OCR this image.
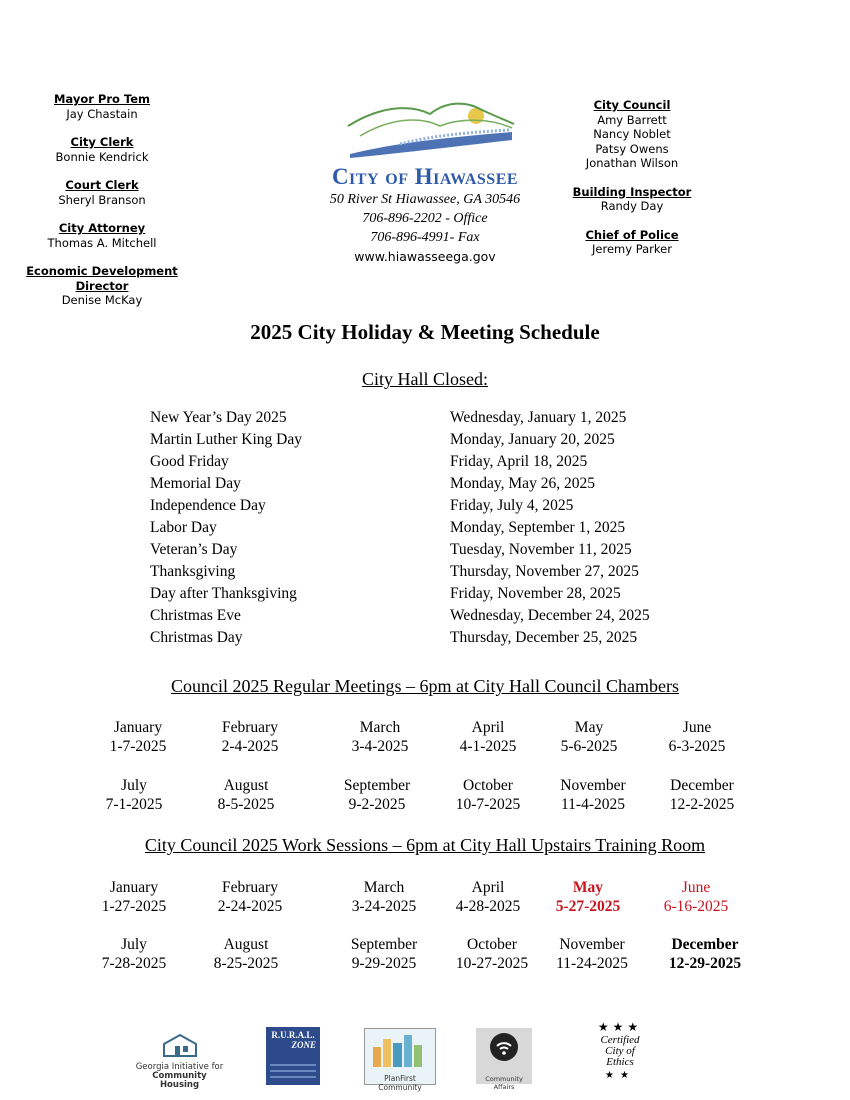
Mayor Pro Tem
Jay Chastain
City Clerk
Bonnie Kendrick
Court Clerk
Sheryl Branson
City Attorney
Thomas A. Mitchell
Economic Development
Director
Denise McKay
City Council
Amy Barrett
Nancy Noblet
Patsy Owens
Jonathan Wilson
Building Inspector
Randy Day
Chief of Police
Jeremy Parker
City of Hiawassee
50 River St Hiawassee, GA 30546
706-896-2202 - Office
706-896-4991- Fax
www.hiawasseega.gov
2025 City Holiday & Meeting Schedule
City Hall Closed:
New Year’s Day 2025	Wednesday, January 1, 2025
Martin Luther King Day	Monday, January 20, 2025
Good Friday	Friday, April 18, 2025
Memorial Day	Monday, May 26, 2025
Independence Day	Friday, July 4, 2025
Labor Day	Monday, September 1, 2025
Veteran’s Day	Tuesday, November 11, 2025
Thanksgiving	Thursday, November 27, 2025
Day after Thanksgiving	Friday, November 28, 2025
Christmas Eve	Wednesday, December 24, 2025
Christmas Day	Thursday, December 25, 2025
Council 2025 Regular Meetings – 6pm at City Hall Council Chambers
January
1-7-2025
February
2-4-2025
March
3-4-2025
April
4-1-2025
May
5-6-2025
June
6-3-2025
July
7-1-2025
August
8-5-2025
September
9-2-2025
October
10-7-2025
November
11-4-2025
December
12-2-2025
City Council 2025 Work Sessions – 6pm at City Hall Upstairs Training Room
January
1-27-2025
February
2-24-2025
March
3-24-2025
April
4-28-2025
May
5-27-2025
June
6-16-2025
July
7-28-2025
August
8-25-2025
September
9-29-2025
October
10-27-2025
November
11-24-2025
December
12-29-2025
Georgia Initiative for
Community Housing
R.U.R.A.L.
ZONE
PlanFirst Community
Community Affairs
★★★
Certified
City of
Ethics
★★
